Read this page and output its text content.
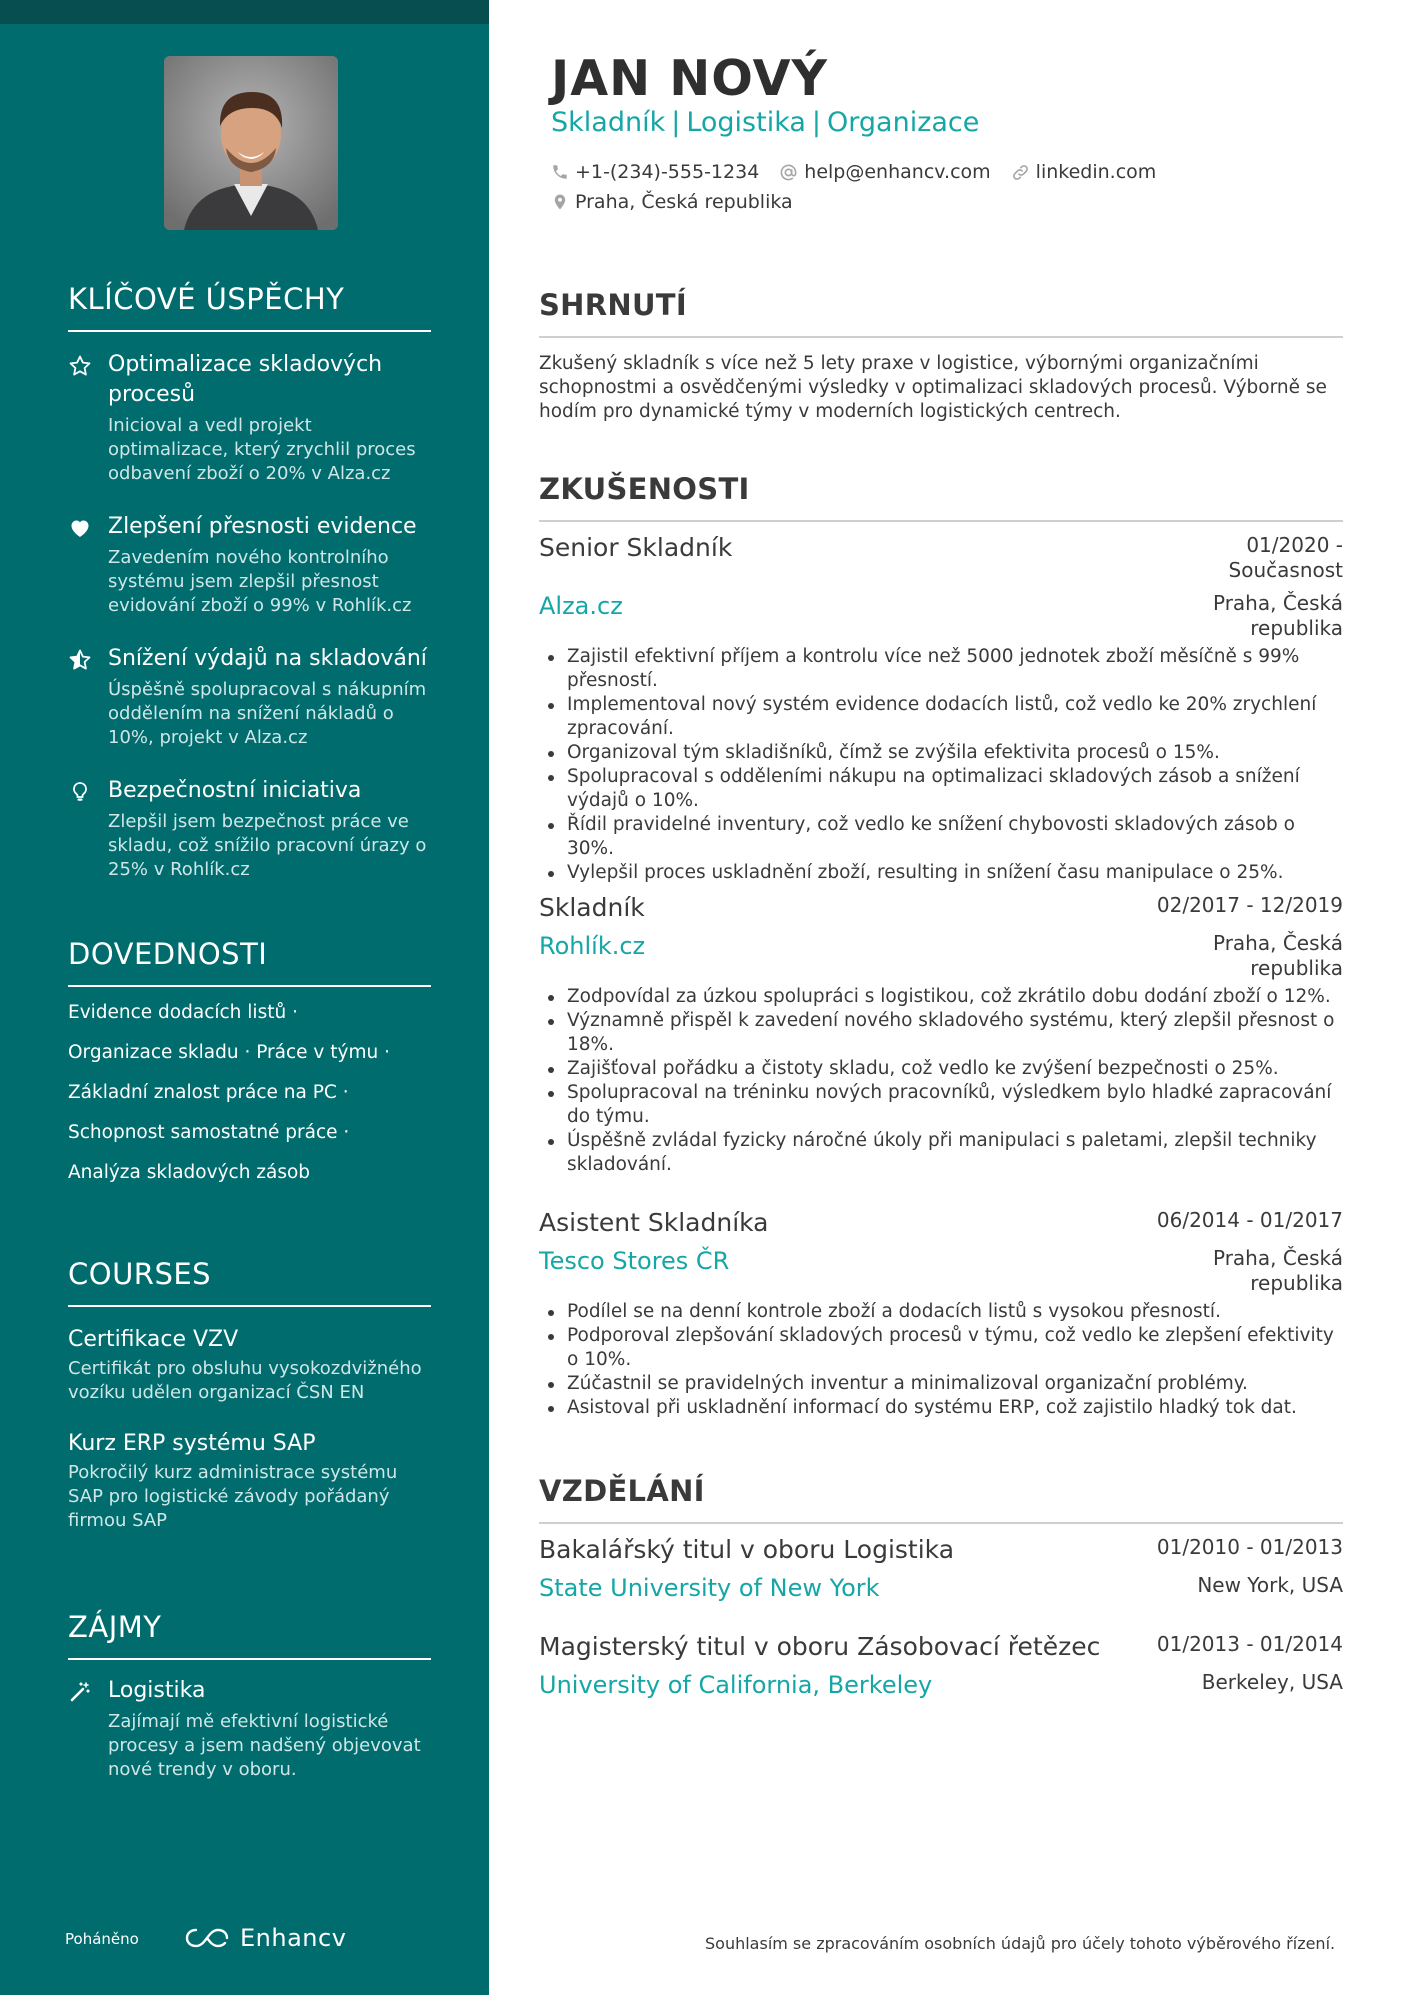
KLÍČOVÉ ÚSPĚCHY
Optimalizace skladových procesů
Inicioval a vedl projekt optimalizace, který zrychlil proces odbavení zboží o 20% v Alza.cz
Zlepšení přesnosti evidence
Zavedením nového kontrolního systému jsem zlepšil přesnost evidování zboží o 99% v Rohlík.cz
Snížení výdajů na skladování
Úspěšně spolupracoval s nákupním oddělením na snížení nákladů o 10%, projekt v Alza.cz
Bezpečnostní iniciativa
Zlepšil jsem bezpečnost práce ve skladu, což snížilo pracovní úrazy o 25% v Rohlík.cz
DOVEDNOSTI
Evidence dodacích listů ·
Organizace skladu · Práce v týmu ·
Základní znalost práce na PC ·
Schopnost samostatné práce ·
Analýza skladových zásob
COURSES
Certifikace VZV
Certifikát pro obsluhu vysokozdvižného vozíku udělen organizací ČSN EN
Kurz ERP systému SAP
Pokročilý kurz administrace systému SAP pro logistické závody pořádaný firmou SAP
ZÁJMY
Logistika
Zajímají mě efektivní logistické procesy a jsem nadšený objevovat nové trendy v oboru.
Poháněno	Enhancv
JAN NOVÝ
Skladník | Logistika | Organizace
+1-(234)-555-1234 help@enhancv.com linkedin.com
Praha, Česká republika
SHRNUTÍ

Zkušený skladník s více než 5 lety praxe v logistice, výbornými organizačními schopnostmi a osvědčenými výsledky v optimalizaci skladových procesů. Výborně se hodím pro dynamické týmy v moderních logistických centrech.

ZKUŠENOSTI
Senior Skladník	01/2020 - Současnost
Alza.cz	Praha, Česká republika
Zajistil efektivní příjem a kontrolu více než 5000 jednotek zboží měsíčně s 99% přesností.
Implementoval nový systém evidence dodacích listů, což vedlo ke 20% zrychlení zpracování.
Organizoval tým skladišníků, čímž se zvýšila efektivita procesů o 15%.
Spolupracoval s odděleními nákupu na optimalizaci skladových zásob a snížení výdajů o 10%.
Řídil pravidelné inventury, což vedlo ke snížení chybovosti skladových zásob o 30%.
Vylepšil proces uskladnění zboží, resulting in snížení času manipulace o 25%.
Skladník	02/2017 - 12/2019
Rohlík.cz	Praha, Česká republika
Zodpovídal za úzkou spolupráci s logistikou, což zkrátilo dobu dodání zboží o 12%.
Významně přispěl k zavedení nového skladového systému, který zlepšil přesnost o 18%.
Zajišťoval pořádku a čistoty skladu, což vedlo ke zvýšení bezpečnosti o 25%.
Spolupracoval na tréninku nových pracovníků, výsledkem bylo hladké zapracování do týmu.
Úspěšně zvládal fyzicky náročné úkoly při manipulaci s paletami, zlepšil techniky skladování.
Asistent Skladníka	06/2014 - 01/2017
Tesco Stores ČR	Praha, Česká republika
Podílel se na denní kontrole zboží a dodacích listů s vysokou přesností.
Podporoval zlepšování skladových procesů v týmu, což vedlo ke zlepšení efektivity o 10%.
Zúčastnil se pravidelných inventur a minimalizoval organizační problémy.
Asistoval při uskladnění informací do systému ERP, což zajistilo hladký tok dat.
VZDĚLÁNÍ
Bakalářský titul v oboru Logistika	01/2010 - 01/2013
State University of New York	New York, USA
Magisterský titul v oboru Zásobovací řetězec	01/2013 - 01/2014
University of California, Berkeley	Berkeley, USA
Souhlasím se zpracováním osobních údajů pro účely tohoto výběrového řízení.
